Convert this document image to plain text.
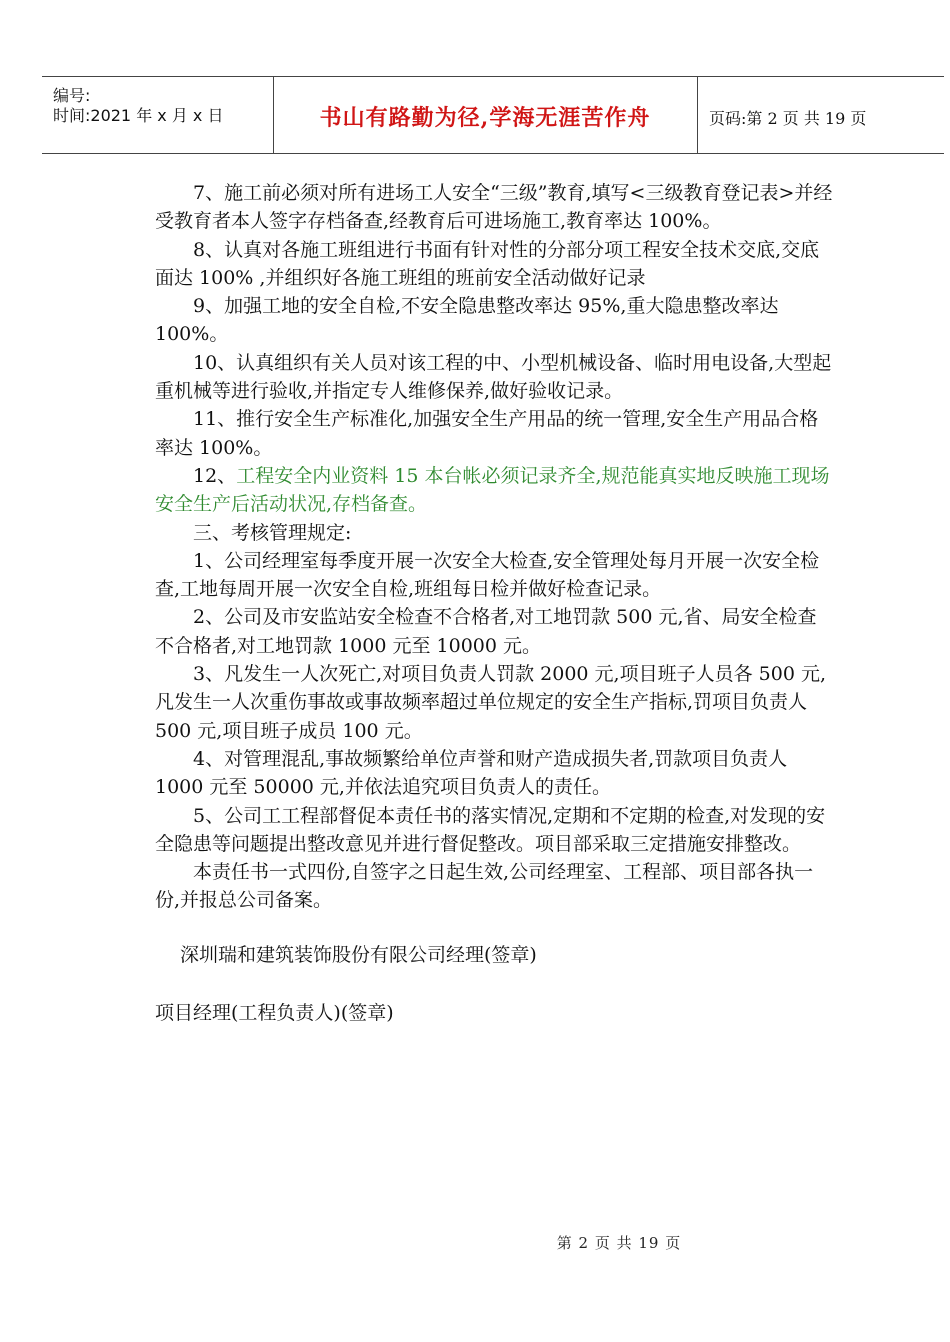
编号:
时间:2021 年 x 月 x 日	书山有路勤为径,学海无涯苦作舟	页码:第 2 页 共 19 页

7、施工前必须对所有进场工人安全“三级”教育,填写<三级教育登记表>并经受教育者本人签字存档备查,经教育后可进场施工,教育率达 100%。

8、认真对各施工班组进行书面有针对性的分部分项工程安全技术交底,交底面达 100% ,并组织好各施工班组的班前安全活动做好记录

9、加强工地的安全自检,不安全隐患整改率达 95%,重大隐患整改率达 100%。

10、认真组织有关人员对该工程的中、小型机械设备、临时用电设备,大型起重机械等进行验收,并指定专人维修保养,做好验收记录。

11、推行安全生产标准化,加强安全生产用品的统一管理,安全生产用品合格率达 100%。

12、工程安全内业资料 15 本台帐必须记录齐全,规范能真实地反映施工现场安全生产后活动状况,存档备查。

三、考核管理规定:

1、公司经理室每季度开展一次安全大检查,安全管理处每月开展一次安全检查,工地每周开展一次安全自检,班组每日检并做好检查记录。

2、公司及市安监站安全检查不合格者,对工地罚款 500 元,省、局安全检查不合格者,对工地罚款 1000 元至 10000 元。

3、凡发生一人次死亡,对项目负责人罚款 2000 元,项目班子人员各 500 元,凡发生一人次重伤事故或事故频率超过单位规定的安全生产指标,罚项目负责人 500 元,项目班子成员 100 元。

4、对管理混乱,事故频繁给单位声誉和财产造成损失者,罚款项目负责人 1000 元至 50000 元,并依法追究项目负责人的责任。

5、公司工工程部督促本责任书的落实情况,定期和不定期的检查,对发现的安全隐患等问题提出整改意见并进行督促整改。项目部采取三定措施安排整改。

本责任书一式四份,自签字之日起生效,公司经理室、工程部、项目部各执一份,并报总公司备案。

深圳瑞和建筑装饰股份有限公司经理(签章)

项目经理(工程负责人)(签章)

第 2 页 共 19 页
